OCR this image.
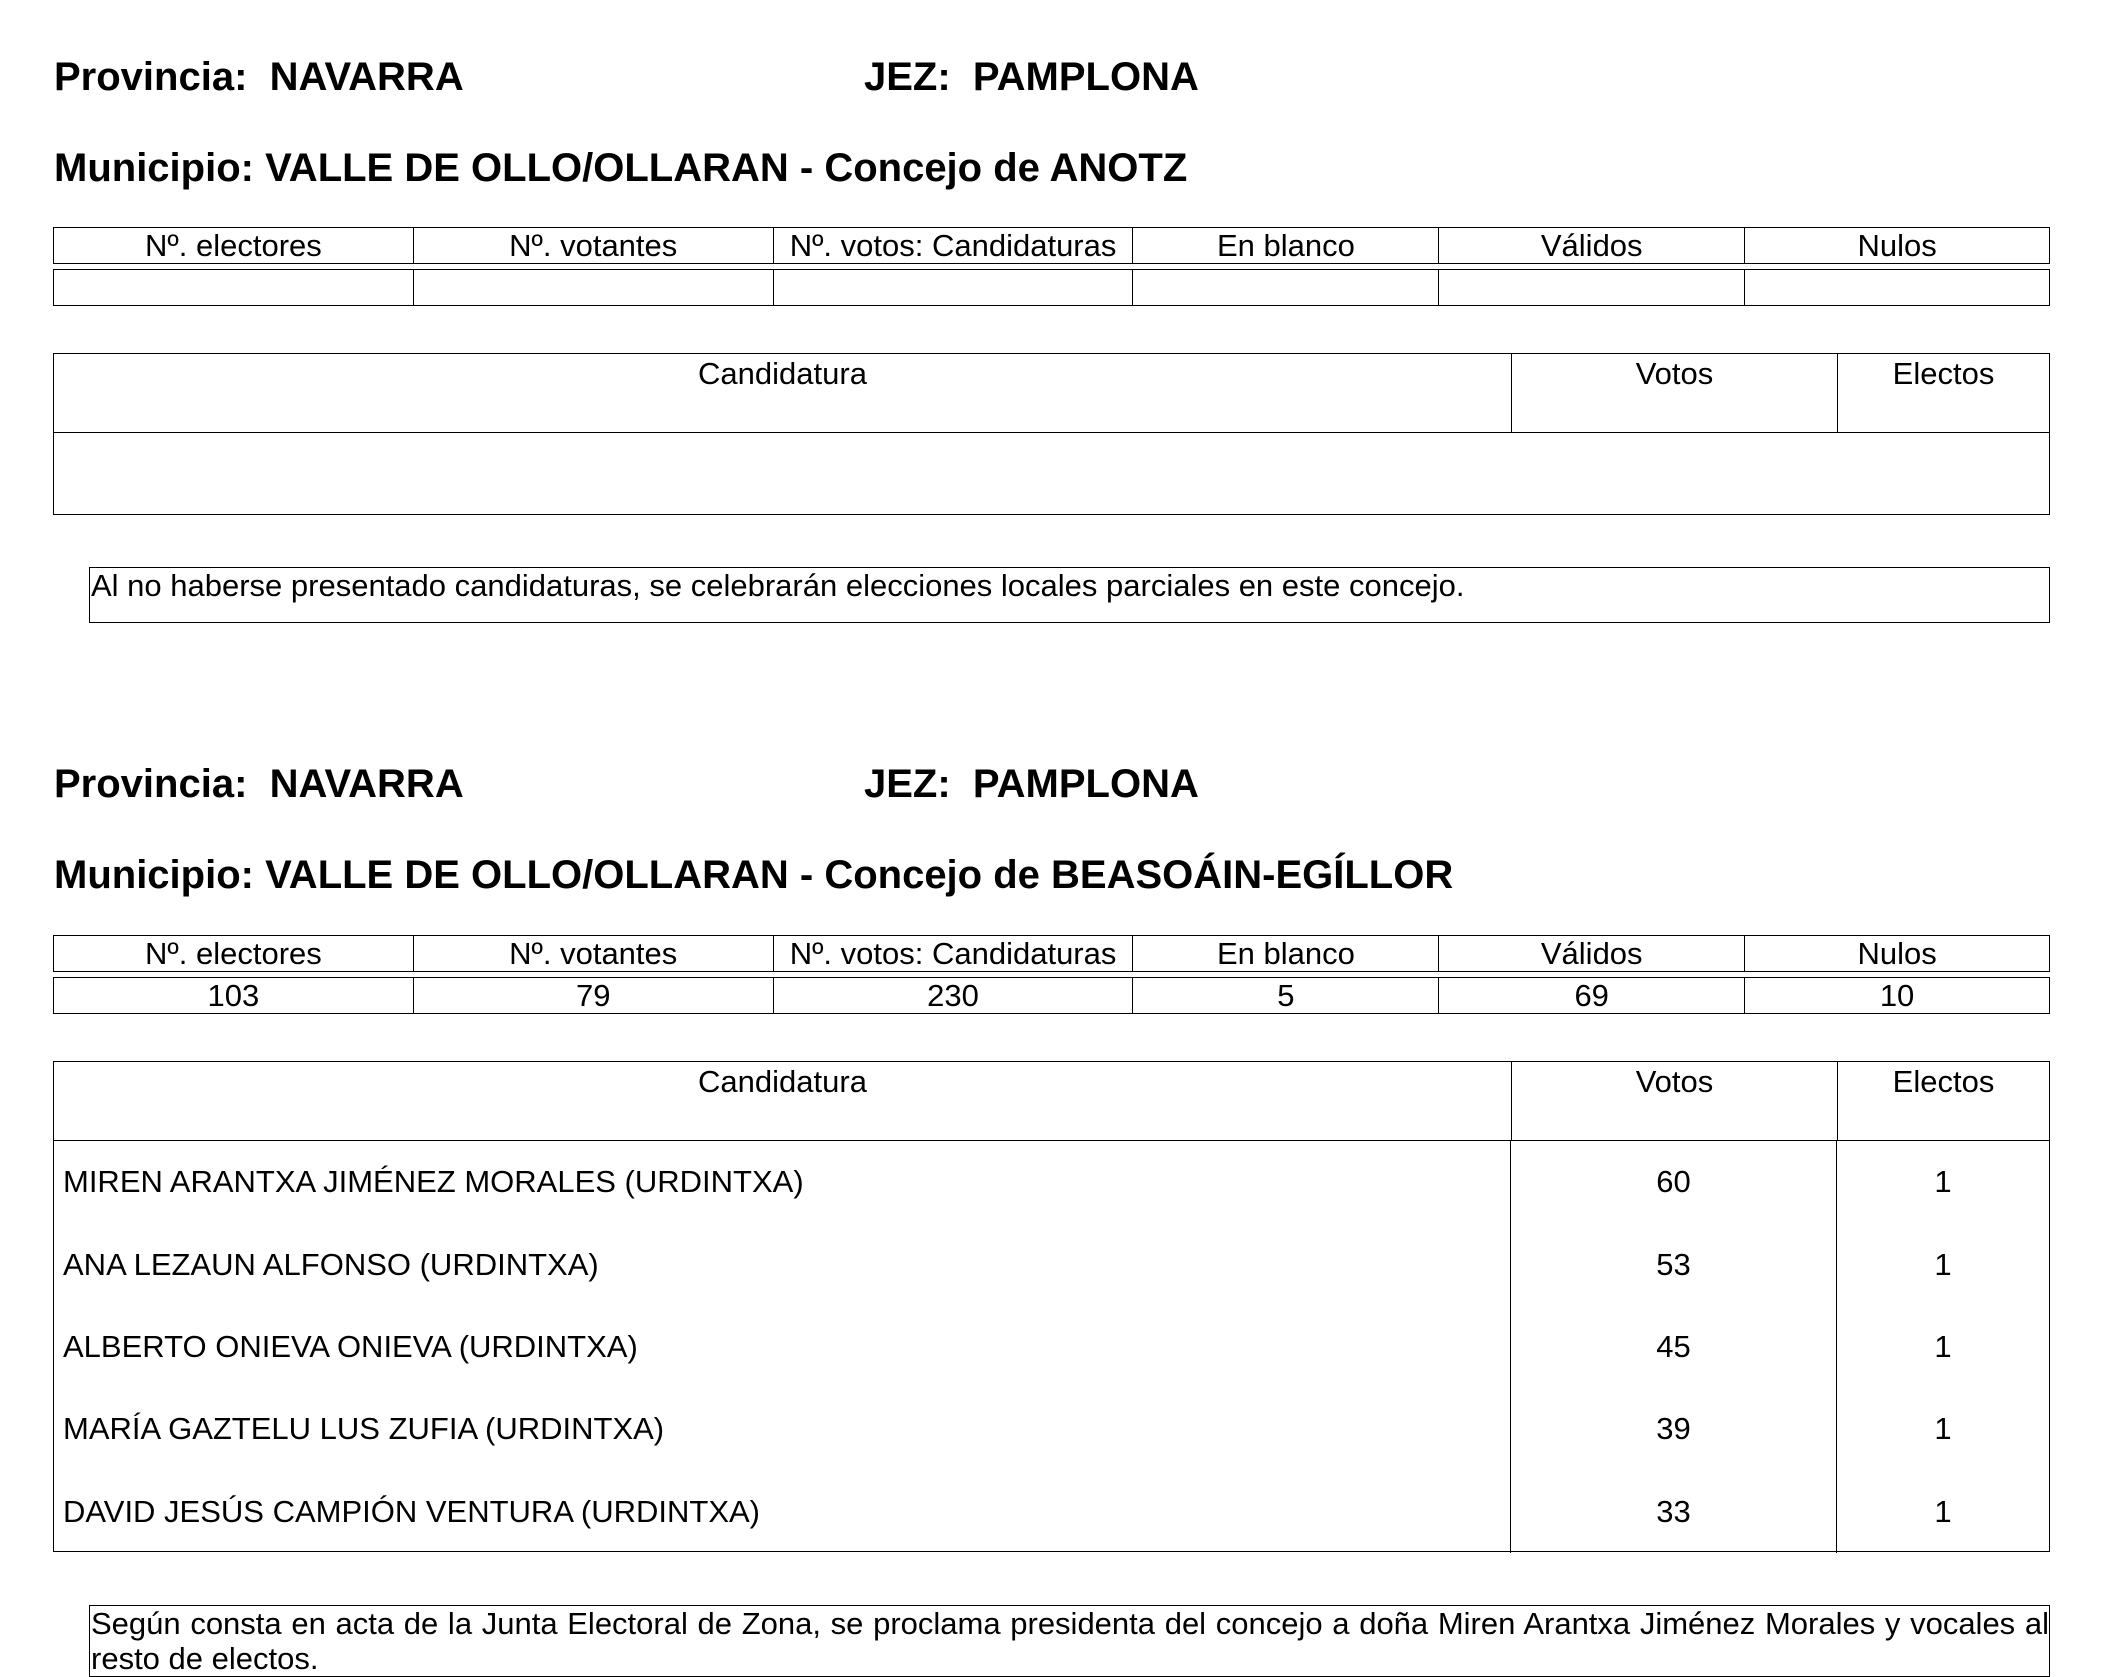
Provincia: NAVARRA	JEZ: PAMPLONA
Municipio: VALLE DE OLLO/OLLARAN - Concejo de ANOTZ
Nº. electores	Nº. votantes	Nº. votos: Candidaturas	En blanco	Válidos	Nulos

Candidatura	Votos	Electos
Al no haberse presentado candidaturas, se celebrarán elecciones locales parciales en este concejo.
Provincia: NAVARRA	JEZ: PAMPLONA
Municipio: VALLE DE OLLO/OLLARAN - Concejo de BEASOÁIN-EGÍLLOR
Nº. electores	Nº. votantes	Nº. votos: Candidaturas	En blanco	Válidos	Nulos
103	79	230	5	69	10
Candidatura	Votos	Electos
MIREN ARANTXA JIMÉNEZ MORALES (URDINTXA)	60	1
ANA LEZAUN ALFONSO (URDINTXA)	53	1
ALBERTO ONIEVA ONIEVA (URDINTXA)	45	1
MARÍA GAZTELU LUS ZUFIA (URDINTXA)	39	1
DAVID JESÚS CAMPIÓN VENTURA (URDINTXA)	33	1
Según consta en acta de la Junta Electoral de Zona, se proclama presidenta del concejo a doña Miren Arantxa Jiménez Morales y vocales al resto de electos.
